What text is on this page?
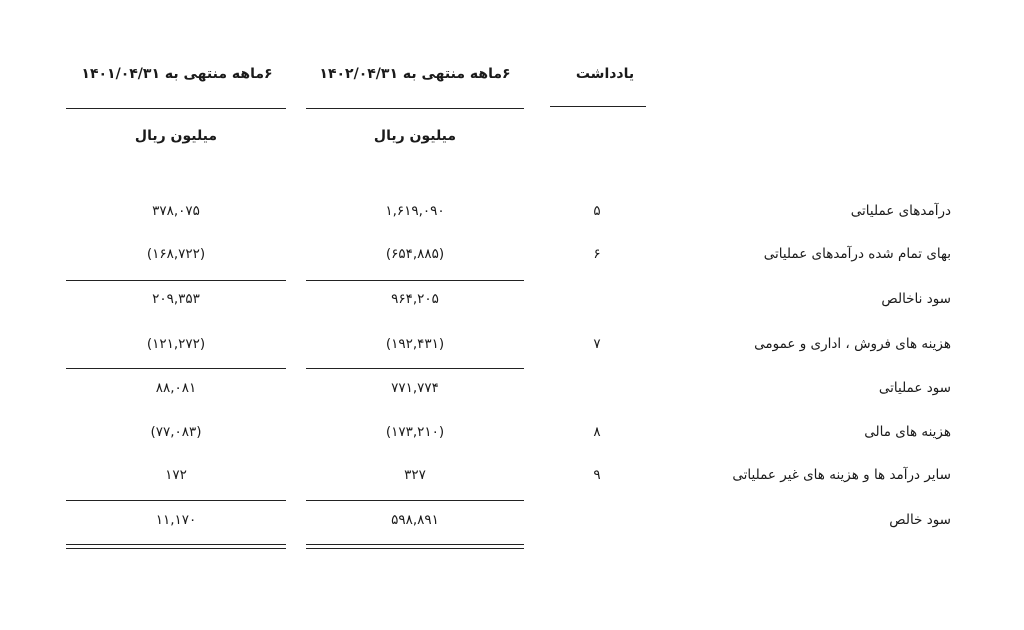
یادداشت
۶ماهه منتهی به ۱۴۰۲/۰۴/۳۱
۶ماهه منتهی به ۱۴۰۱/۰۴/۳۱
میلیون ریال
میلیون ریال
درآمدهای عملیاتی
۵
۱,۶۱۹,۰۹۰
۳۷۸,۰۷۵
بهای تمام شده درآمدهای عملیاتی
۶
(۶۵۴,۸۸۵)
(۱۶۸,۷۲۲)
سود ناخالص
۹۶۴,۲۰۵
۲۰۹,۳۵۳
هزینه های فروش ، اداری و عمومی
۷
(۱۹۲,۴۳۱)
(۱۲۱,۲۷۲)
سود عملیاتی
۷۷۱,۷۷۴
۸۸,۰۸۱
هزینه های مالی
۸
(۱۷۳,۲۱۰)
(۷۷,۰۸۳)
سایر درآمد ها و هزینه های غیر عملیاتی
۹
۳۲۷
۱۷۲
سود خالص
۵۹۸,۸۹۱
۱۱,۱۷۰
